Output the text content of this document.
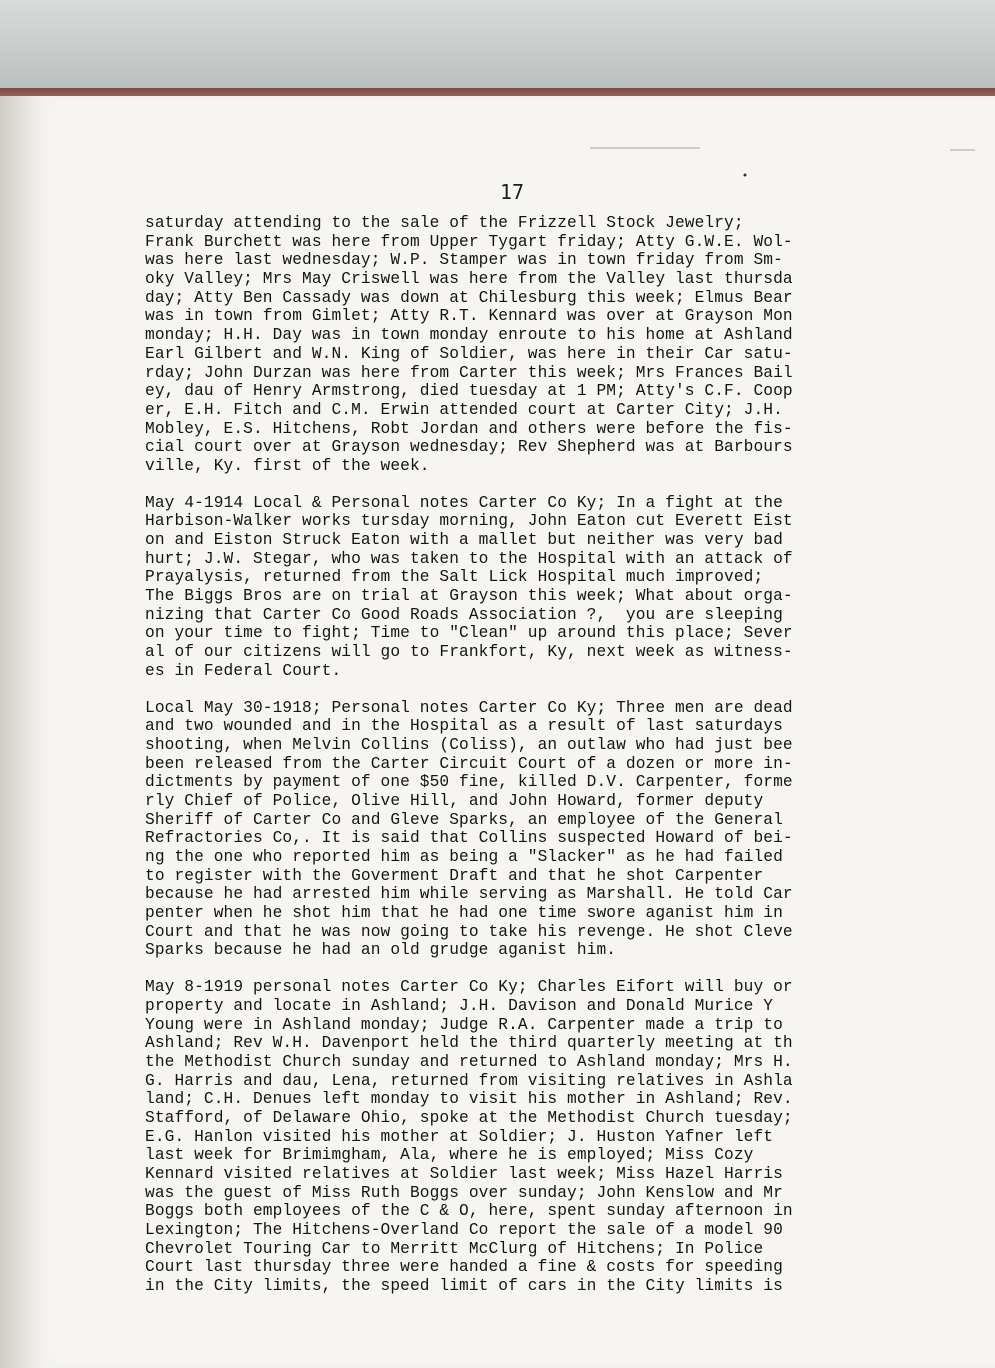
17
saturday attending to the sale of the Frizzell Stock Jewelry;
Frank Burchett was here from Upper Tygart friday; Atty G.W.E. Wol-
was here last wednesday; W.P. Stamper was in town friday from Sm-
oky Valley; Mrs May Criswell was here from the Valley last thursda
day; Atty Ben Cassady was down at Chilesburg this week; Elmus Bear
was in town from Gimlet; Atty R.T. Kennard was over at Grayson Mon
monday; H.H. Day was in town monday enroute to his home at Ashland
Earl Gilbert and W.N. King of Soldier, was here in their Car satu-
rday; John Durzan was here from Carter this week; Mrs Frances Bail
ey, dau of Henry Armstrong, died tuesday at 1 PM; Atty's C.F. Coop
er, E.H. Fitch and C.M. Erwin attended court at Carter City; J.H.
Mobley, E.S. Hitchens, Robt Jordan and others were before the fis-
cial court over at Grayson wednesday; Rev Shepherd was at Barbours
ville, Ky. first of the week.
May 4-1914 Local & Personal notes Carter Co Ky; In a fight at the
Harbison-Walker works tursday morning, John Eaton cut Everett Eist
on and Eiston Struck Eaton with a mallet but neither was very bad
hurt; J.W. Stegar, who was taken to the Hospital with an attack of
Prayalysis, returned from the Salt Lick Hospital much improved;
The Biggs Bros are on trial at Grayson this week; What about orga-
nizing that Carter Co Good Roads Association ?,  you are sleeping
on your time to fight; Time to "Clean" up around this place; Sever
al of our citizens will go to Frankfort, Ky, next week as witness-
es in Federal Court.
Local May 30-1918; Personal notes Carter Co Ky; Three men are dead
and two wounded and in the Hospital as a result of last saturdays
shooting, when Melvin Collins (Coliss), an outlaw who had just bee
been released from the Carter Circuit Court of a dozen or more in-
dictments by payment of one $50 fine, killed D.V. Carpenter, forme
rly Chief of Police, Olive Hill, and John Howard, former deputy
Sheriff of Carter Co and Gleve Sparks, an employee of the General
Refractories Co,. It is said that Collins suspected Howard of bei-
ng the one who reported him as being a "Slacker" as he had failed
to register with the Goverment Draft and that he shot Carpenter
because he had arrested him while serving as Marshall. He told Car
penter when he shot him that he had one time swore aganist him in
Court and that he was now going to take his revenge. He shot Cleve
Sparks because he had an old grudge aganist him.
May 8-1919 personal notes Carter Co Ky; Charles Eifort will buy or
property and locate in Ashland; J.H. Davison and Donald Murice Y
Young were in Ashland monday; Judge R.A. Carpenter made a trip to
Ashland; Rev W.H. Davenport held the third quarterly meeting at th
the Methodist Church sunday and returned to Ashland monday; Mrs H.
G. Harris and dau, Lena, returned from visiting relatives in Ashla
land; C.H. Denues left monday to visit his mother in Ashland; Rev.
Stafford, of Delaware Ohio, spoke at the Methodist Church tuesday;
E.G. Hanlon visited his mother at Soldier; J. Huston Yafner left
last week for Brimimgham, Ala, where he is employed; Miss Cozy
Kennard visited relatives at Soldier last week; Miss Hazel Harris
was the guest of Miss Ruth Boggs over sunday; John Kenslow and Mr
Boggs both employees of the C & O, here, spent sunday afternoon in
Lexington; The Hitchens-Overland Co report the sale of a model 90
Chevrolet Touring Car to Merritt McClurg of Hitchens; In Police
Court last thursday three were handed a fine & costs for speeding
in the City limits, the speed limit of cars in the City limits is
